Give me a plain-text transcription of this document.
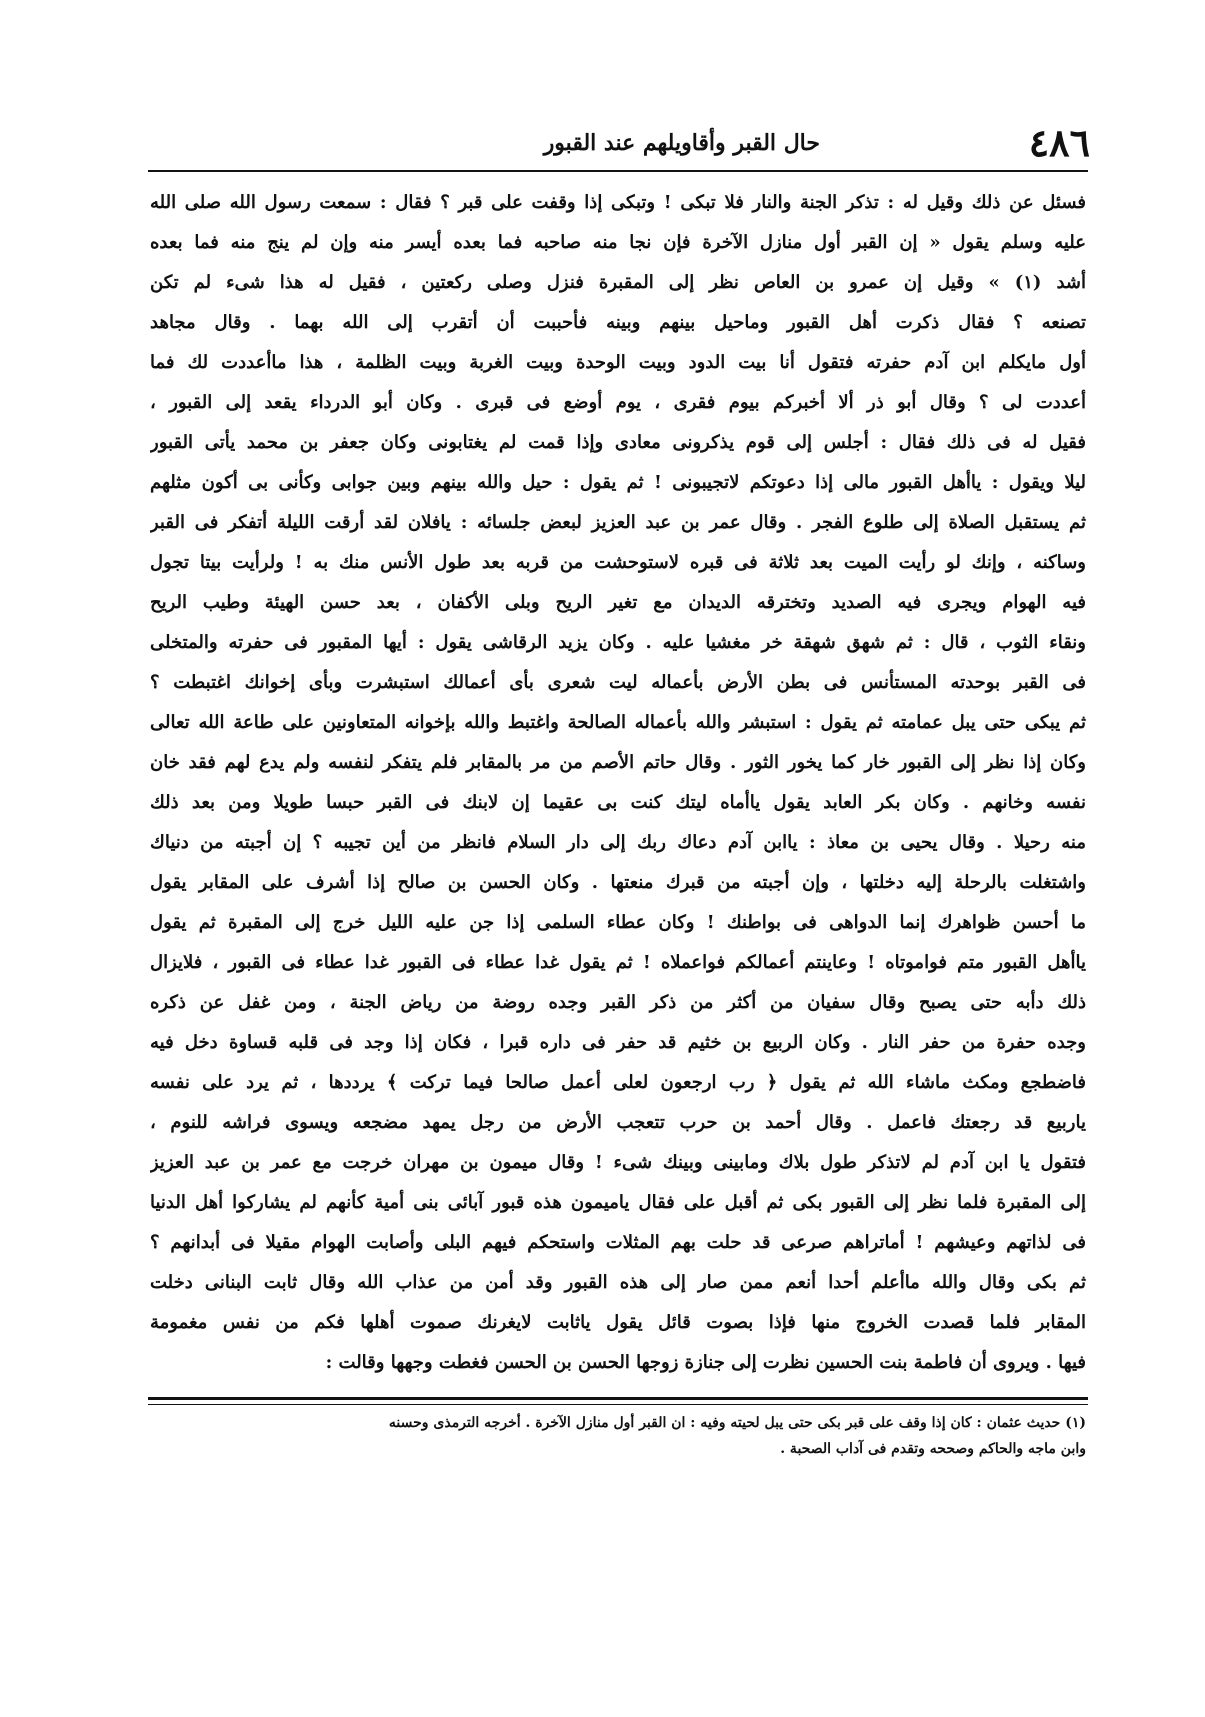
٤٨٦
حال القبر وأقاويلهم عند القبور
فسئل عن ذلك وقيل له : تذكر الجنة والنار فلا تبكى ! وتبكى إذا وقفت على قبر ؟ فقال : سمعت رسول الله صلى الله
عليه وسلم يقول « إن القبر أول منازل الآخرة فإن نجا منه صاحبه فما بعده أيسر منه وإن لم ينج منه فما بعده
أشد (١) » وقيل إن عمرو بن العاص نظر إلى المقبرة فنزل وصلى ركعتين ، فقيل له هذا شىء لم تكن
تصنعه ؟ فقال ذكرت أهل القبور وماحيل بينهم وبينه فأحببت أن أتقرب إلى الله بهما . وقال مجاهد
أول مايكلم ابن آدم حفرته فتقول أنا بيت الدود وبيت الوحدة وبيت الغربة وبيت الظلمة ، هذا ماأعددت لك فما
أعددت لى ؟ وقال أبو ذر ألا أخبركم بيوم فقرى ، يوم أوضع فى قبرى . وكان أبو الدرداء يقعد إلى القبور ،
فقيل له فى ذلك فقال : أجلس إلى قوم يذكرونى معادى وإذا قمت لم يغتابونى وكان جعفر بن محمد يأتى القبور
ليلا ويقول : ياأهل القبور مالى إذا دعوتكم لاتجيبونى ! ثم يقول : حيل والله بينهم وبين جوابى وكأنى بى أكون مثلهم
ثم يستقبل الصلاة إلى طلوع الفجر . وقال عمر بن عبد العزيز لبعض جلسائه : يافلان لقد أرقت الليلة أتفكر فى القبر
وساكنه ، وإنك لو رأيت الميت بعد ثلاثة فى قبره لاستوحشت من قربه بعد طول الأنس منك به ! ولرأيت بيتا تجول
فيه الهوام ويجرى فيه الصديد وتخترقه الديدان مع تغير الريح وبلى الأكفان ، بعد حسن الهيئة وطيب الريح
ونقاء الثوب ، قال : ثم شهق شهقة خر مغشيا عليه . وكان يزيد الرقاشى يقول : أيها المقبور فى حفرته والمتخلى
فى القبر بوحدته المستأنس فى بطن الأرض بأعماله ليت شعرى بأى أعمالك استبشرت وبأى إخوانك اغتبطت ؟
ثم يبكى حتى يبل عمامته ثم يقول : استبشر والله بأعماله الصالحة واغتبط والله بإخوانه المتعاونين على طاعة الله تعالى
وكان إذا نظر إلى القبور خار كما يخور الثور . وقال حاتم الأصم من مر بالمقابر فلم يتفكر لنفسه ولم يدع لهم فقد خان
نفسه وخانهم . وكان بكر العابد يقول ياأماه ليتك كنت بى عقيما إن لابنك فى القبر حبسا طويلا ومن بعد ذلك
منه رحيلا . وقال يحيى بن معاذ : ياابن آدم دعاك ربك إلى دار السلام فانظر من أين تجيبه ؟ إن أجبته من دنياك
واشتغلت بالرحلة إليه دخلتها ، وإن أجبته من قبرك منعتها . وكان الحسن بن صالح إذا أشرف على المقابر يقول
ما أحسن ظواهرك إنما الدواهى فى بواطنك ! وكان عطاء السلمى إذا جن عليه الليل خرج إلى المقبرة ثم يقول
ياأهل القبور متم فواموتاه ! وعاينتم أعمالكم فواعملاه ! ثم يقول غدا عطاء فى القبور غدا عطاء فى القبور ، فلايزال
ذلك دأبه حتى يصبح وقال سفيان من أكثر من ذكر القبر وجده روضة من رياض الجنة ، ومن غفل عن ذكره
وجده حفرة من حفر النار . وكان الربيع بن خثيم قد حفر فى داره قبرا ، فكان إذا وجد فى قلبه قساوة دخل فيه
فاضطجع ومكث ماشاء الله ثم يقول ﴿ رب ارجعون لعلى أعمل صالحا فيما تركت ﴾ يرددها ، ثم يرد على نفسه
ياربيع قد رجعتك فاعمل . وقال أحمد بن حرب تتعجب الأرض من رجل يمهد مضجعه ويسوى فراشه للنوم ،
فتقول يا ابن آدم لم لاتذكر طول بلاك ومابينى وبينك شىء ! وقال ميمون بن مهران خرجت مع عمر بن عبد العزيز
إلى المقبرة فلما نظر إلى القبور بكى ثم أقبل على فقال ياميمون هذه قبور آبائى بنى أمية كأنهم لم يشاركوا أهل الدنيا
فى لذاتهم وعيشهم ! أماتراهم صرعى قد حلت بهم المثلات واستحكم فيهم البلى وأصابت الهوام مقيلا فى أبدانهم ؟
ثم بكى وقال والله ماأعلم أحدا أنعم ممن صار إلى هذه القبور وقد أمن من عذاب الله وقال ثابت البنانى دخلت
المقابر فلما قصدت الخروج منها فإذا بصوت قائل يقول ياثابت لايغرنك صموت أهلها فكم من نفس مغمومة
فيها . ويروى أن فاطمة بنت الحسين نظرت إلى جنازة زوجها الحسن بن الحسن فغطت وجهها وقالت :
(١) حديث عثمان : كان إذا وقف على قبر بكى حتى يبل لحيته وفيه : ان القبر أول منازل الآخرة . أخرجه الترمذى وحسنه
وابن ماجه والحاكم وصححه وتقدم فى آداب الصحبة .
